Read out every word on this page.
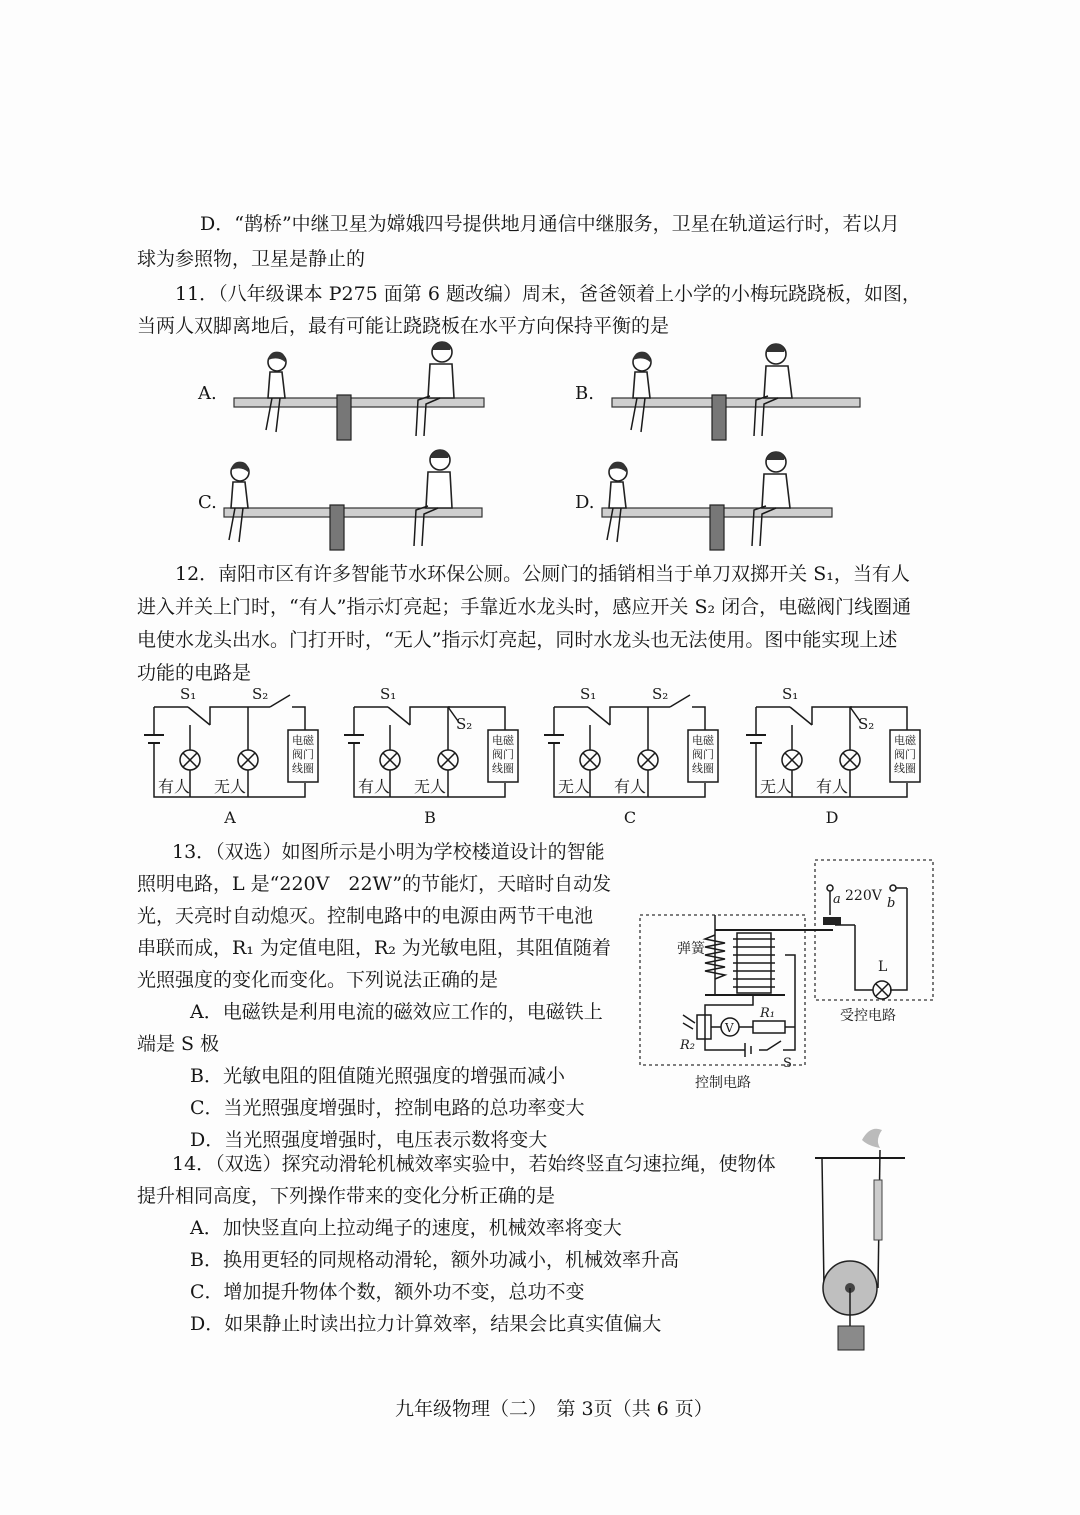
D．“鹊桥”中继卫星为嫦娥四号提供地月通信中继服务，卫星在轨道运行时，若以月
球为参照物，卫星是静止的
11．（八年级课本 P275 面第 6 题改编）周末，爸爸领着上小学的小梅玩跷跷板，如图，
当两人双脚离地后，最有可能让跷跷板在水平方向保持平衡的是
A.	B.
C.	D.
12．南阳市区有许多智能节水环保公厕。公厕门的插销相当于单刀双掷开关 S₁，当有人
进入并关上门时，“有人”指示灯亮起；手靠近水龙头时，感应开关 S₂ 闭合，电磁阀门线圈通
电使水龙头出水。门打开时，“无人”指示灯亮起，同时水龙头也无法使用。图中能实现上述
功能的电路是
电磁
阀门
线圈
S₁	S₂
有人 无人
A
电磁
阀门
线圈
S₁
S₂
有人 无人
B
电磁
阀门
线圈
S₁	S₂
无人 有人
C
电磁
阀门
线圈
S₁
S₂
无人 有人
D
13．（双选）如图所示是小明为学校楼道设计的智能
照明电路，L 是“220V　22W”的节能灯，天暗时自动发
光，天亮时自动熄灭。控制电路中的电源由两节干电池
串联而成，R₁ 为定值电阻，R₂ 为光敏电阻，其阻值随着
光照强度的变化而变化。下列说法正确的是
A．电磁铁是利用电流的磁效应工作的，电磁铁上
端是 S 极
B．光敏电阻的阻值随光照强度的增强而减小
C．当光照强度增强时，控制电路的总功率变大
D．当光照强度增强时，电压表示数将变大
220V
a	b
L
V
弹簧
R₁
R₂
S
受控电路
控制电路
14．（双选）探究动滑轮机械效率实验中，若始终竖直匀速拉绳，使物体
提升相同高度，下列操作带来的变化分析正确的是
A．加快竖直向上拉动绳子的速度，机械效率将变大
B．换用更轻的同规格动滑轮，额外功减小，机械效率升高
C．增加提升物体个数，额外功不变，总功不变
D．如果静止时读出拉力计算效率，结果会比真实值偏大
九年级物理（二）　第 3页（共 6 页）
